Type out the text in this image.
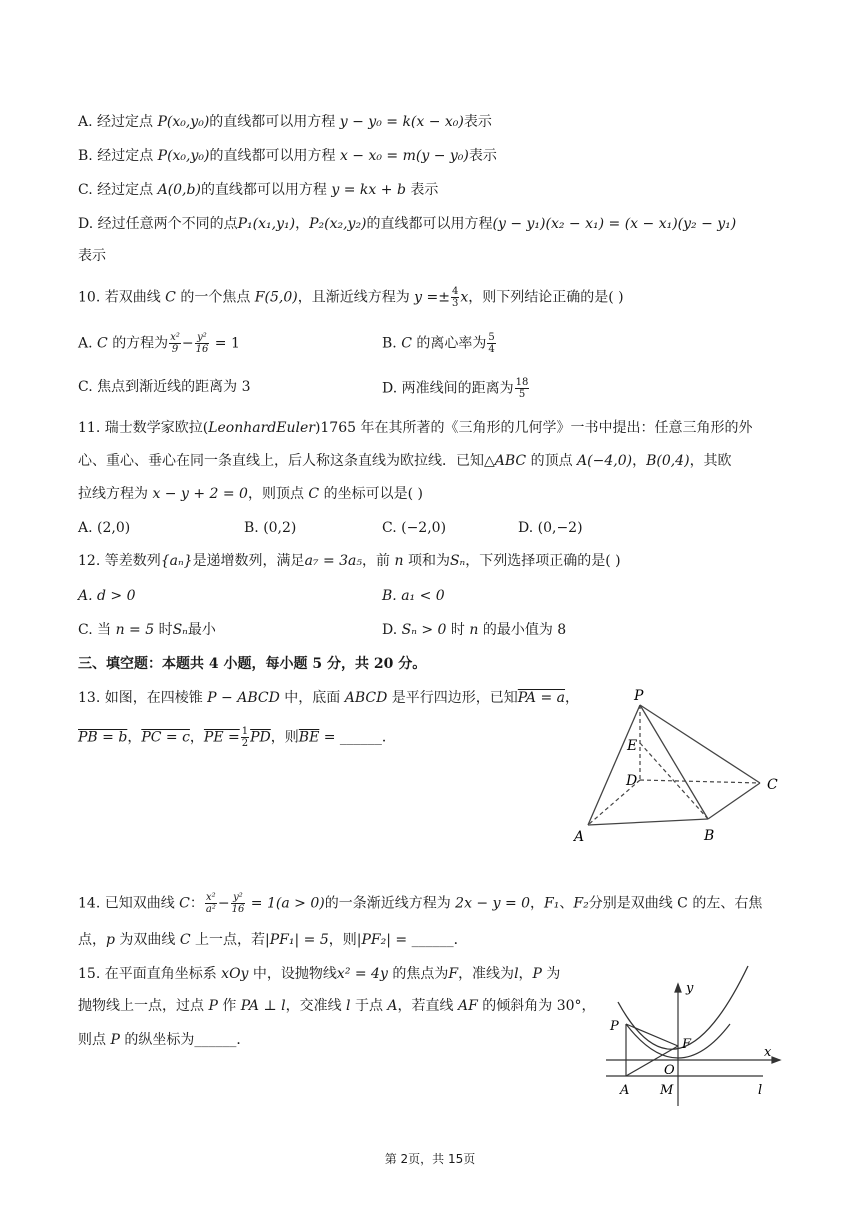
A. 经过定点 P(x₀,y₀)的直线都可以用方程 y − y₀ = k(x − x₀)表示
B. 经过定点 P(x₀,y₀)的直线都可以用方程 x − x₀ = m(y − y₀)表示
C. 经过定点 A(0,b)的直线都可以用方程 y = kx + b 表示
D. 经过任意两个不同的点P₁(x₁,y₁)，P₂(x₂,y₂)的直线都可以用方程(y − y₁)(x₂ − x₁) = (x − x₁)(y₂ − y₁)
表示
10. 若双曲线 C 的一个焦点 F(5,0)，且渐近线方程为 $y =\pm \frac{4}{3}$ x，则下列结论正确的是( )
A. C 的方程为 $\frac{\text{x²}}{9} - \frac{\text{y²}}{16} = 1$	B. C 的离心率为 $\frac{5}{4}$
C. 焦点到渐近线的距离为 3	D. 两准线间的距离为 $\frac{18}{5}$
11. 瑞士数学家欧拉(LeonhardEuler)1765 年在其所著的《三角形的几何学》一书中提出：任意三角形的外
心、重心、垂心在同一条直线上，后人称这条直线为欧拉线．已知△ABC 的顶点 A(−4,0)，B(0,4)，其欧
拉线方程为 x − y + 2 = 0，则顶点 C 的坐标可以是( )
A. (2,0)	B. (0,2)	C. (−2,0)	D. (0,−2)
12. 等差数列{aₙ}是递增数列，满足a₇ = 3a₅，前 n 项和为Sₙ，下列选择项正确的是( )
A. d > 0	B. a₁ < 0
C. 当 n = 5 时Sₙ最小	D. Sₙ > 0 时 n 的最小值为 8
三、填空题：本题共 4 小题，每小题 5 分，共 20 分。
13. 如图，在四棱锥 P − ABCD 中，底面 ABCD 是平行四边形，已知PA = a，
PB = b，PC = c，PE = $\frac{1}{2} \overline{PD}$，则$\overline{BE}$ = ______．
P
E
D	C
A	B
14. 已知双曲线 C： $\frac{\text{x²}}{\text{a²}} - \frac{\text{y²}}{16} = 1(a > 0)$的一条渐近线方程为 2x − y = 0，F₁、F₂分别是双曲线 C 的左、右焦
点，p 为双曲线 C 上一点，若|PF₁| = 5，则|PF₂| = ______．
15. 在平面直角坐标系 xOy 中，设抛物线x² = 4y 的焦点为F，准线为l，P 为
抛物线上一点，过点 P 作 PA ⊥ l，交准线 l 于点 A，若直线 AF 的倾斜角为 30°，
则点 P 的纵坐标为______．
y
x
P
F
O
A M	l
第 2页，共 15页
